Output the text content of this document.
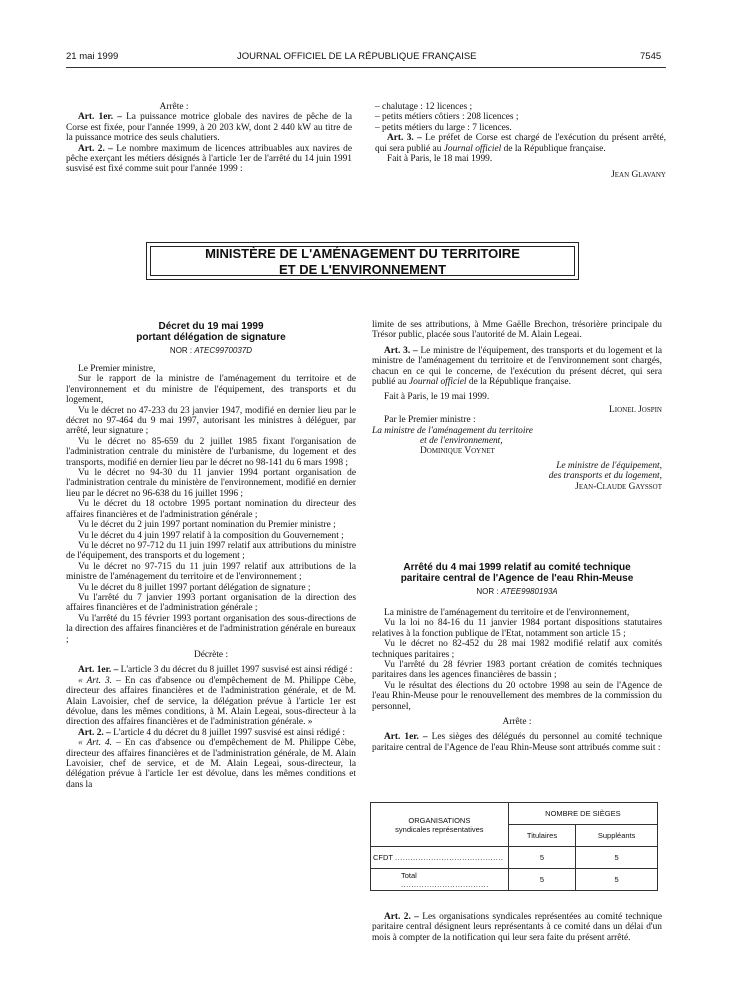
21 mai 1999	JOURNAL OFFICIEL DE LA RÉPUBLIQUE FRANÇAISE	7545

Arrête :

Art. 1er. – La puissance motrice globale des navires de pêche de la Corse est fixée, pour l'année 1999, à 20 203 kW, dont 2 440 kW au titre de la puissance motrice des seuls chalutiers.

Art. 2. – Le nombre maximum de licences attribuables aux navires de pêche exerçant les métiers désignés à l'article 1er de l'arrêté du 14 juin 1991 susvisé est fixé comme suit pour l'année 1999 :

– chalutage : 12 licences ;

– petits métiers côtiers : 208 licences ;

– petits métiers du large : 7 licences.

Art. 3. – Le préfet de Corse est chargé de l'exécution du présent arrêté, qui sera publié au Journal officiel de la République française.

Fait à Paris, le 18 mai 1999.

Jean Glavany

MINISTÈRE DE L'AMÉNAGEMENT DU TERRITOIRE
ET DE L'ENVIRONNEMENT
Décret du 19 mai 1999
portant délégation de signature
NOR : ATEC9970037D

Le Premier ministre,

Sur le rapport de la ministre de l'aménagement du territoire et de l'environnement et du ministre de l'équipement, des transports et du logement,

Vu le décret no 47-233 du 23 janvier 1947, modifié en dernier lieu par le décret no 97-464 du 9 mai 1997, autorisant les ministres à déléguer, par arrêté, leur signature ;

Vu le décret no 85-659 du 2 juillet 1985 fixant l'organisation de l'administration centrale du ministère de l'urbanisme, du logement et des transports, modifié en dernier lieu par le décret no 98-141 du 6 mars 1998 ;

Vu le décret no 94-30 du 11 janvier 1994 portant organisation de l'administration centrale du ministère de l'environnement, modifié en dernier lieu par le décret no 96-638 du 16 juillet 1996 ;

Vu le décret du 18 octobre 1995 portant nomination du directeur des affaires financières et de l'administration générale ;

Vu le décret du 2 juin 1997 portant nomination du Premier ministre ;

Vu le décret du 4 juin 1997 relatif à la composition du Gouvernement ;

Vu le décret no 97-712 du 11 juin 1997 relatif aux attributions du ministre de l'équipement, des transports et du logement ;

Vu le décret no 97-715 du 11 juin 1997 relatif aux attributions de la ministre de l'aménagement du territoire et de l'environnement ;

Vu le décret du 8 juillet 1997 portant délégation de signature ;

Vu l'arrêté du 7 janvier 1993 portant organisation de la direction des affaires financières et de l'administration générale ;

Vu l'arrêté du 15 février 1993 portant organisation des sous-directions de la direction des affaires financières et de l'administration générale en bureaux ;

Décrète :

Art. 1er. – L'article 3 du décret du 8 juillet 1997 susvisé est ainsi rédigé :

« Art. 3. – En cas d'absence ou d'empêchement de M. Philippe Cèbe, directeur des affaires financières et de l'administration générale, et de M. Alain Lavoisier, chef de service, la délégation prévue à l'article 1er est dévolue, dans les mêmes conditions, à M. Alain Legeai, sous-directeur à la direction des affaires financières et de l'administration générale. »

Art. 2. – L'article 4 du décret du 8 juillet 1997 susvisé est ainsi rédigé :

« Art. 4. – En cas d'absence ou d'empêchement de M. Philippe Cèbe, directeur des affaires financières et de l'administration générale, de M. Alain Lavoisier, chef de service, et de M. Alain Legeai, sous-directeur, la délégation prévue à l'article 1er est dévolue, dans les mêmes conditions et dans la

limite de ses attributions, à Mme Gaëlle Brechon, trésorière principale du Trésor public, placée sous l'autorité de M. Alain Legeai.

Art. 3. – Le ministre de l'équipement, des transports et du logement et la ministre de l'aménagement du territoire et de l'environnement sont chargés, chacun en ce qui le concerne, de l'exécution du présent décret, qui sera publié au Journal officiel de la République française.

Fait à Paris, le 19 mai 1999.

Lionel Jospin

Par le Premier ministre :

La ministre de l'aménagement du territoire

et de l'environnement,

Dominique Voynet

Le ministre de l'équipement,

des transports et du logement,

Jean-Claude Gayssot

Arrêté du 4 mai 1999 relatif au comité technique
paritaire central de l'Agence de l'eau Rhin-Meuse
NOR : ATEE9980193A

La ministre de l'aménagement du territoire et de l'environnement,

Vu la loi no 84-16 du 11 janvier 1984 portant dispositions statutaires relatives à la fonction publique de l'Etat, notamment son article 15 ;

Vu le décret no 82-452 du 28 mai 1982 modifié relatif aux comités techniques paritaires ;

Vu l'arrêté du 28 février 1983 portant création de comités techniques paritaires dans les agences financières de bassin ;

Vu le résultat des élections du 20 octobre 1998 au sein de l'Agence de l'eau Rhin-Meuse pour le renouvellement des membres de la commission du personnel,

Arrête :

Art. 1er. – Les sièges des délégués du personnel au comité technique paritaire central de l'Agence de l'eau Rhin-Meuse sont attribués comme suit :

ORGANISATIONS
syndicales représentatives	NOMBRE DE SIÈGES	
	Titulaires	Suppléants
CFDT ..........................................	5	5
Total ..................................	5	5

Art. 2. – Les organisations syndicales représentées au comité technique paritaire central désignent leurs représentants à ce comité dans un délai d'un mois à compter de la notification qui leur sera faite du présent arrêté.
